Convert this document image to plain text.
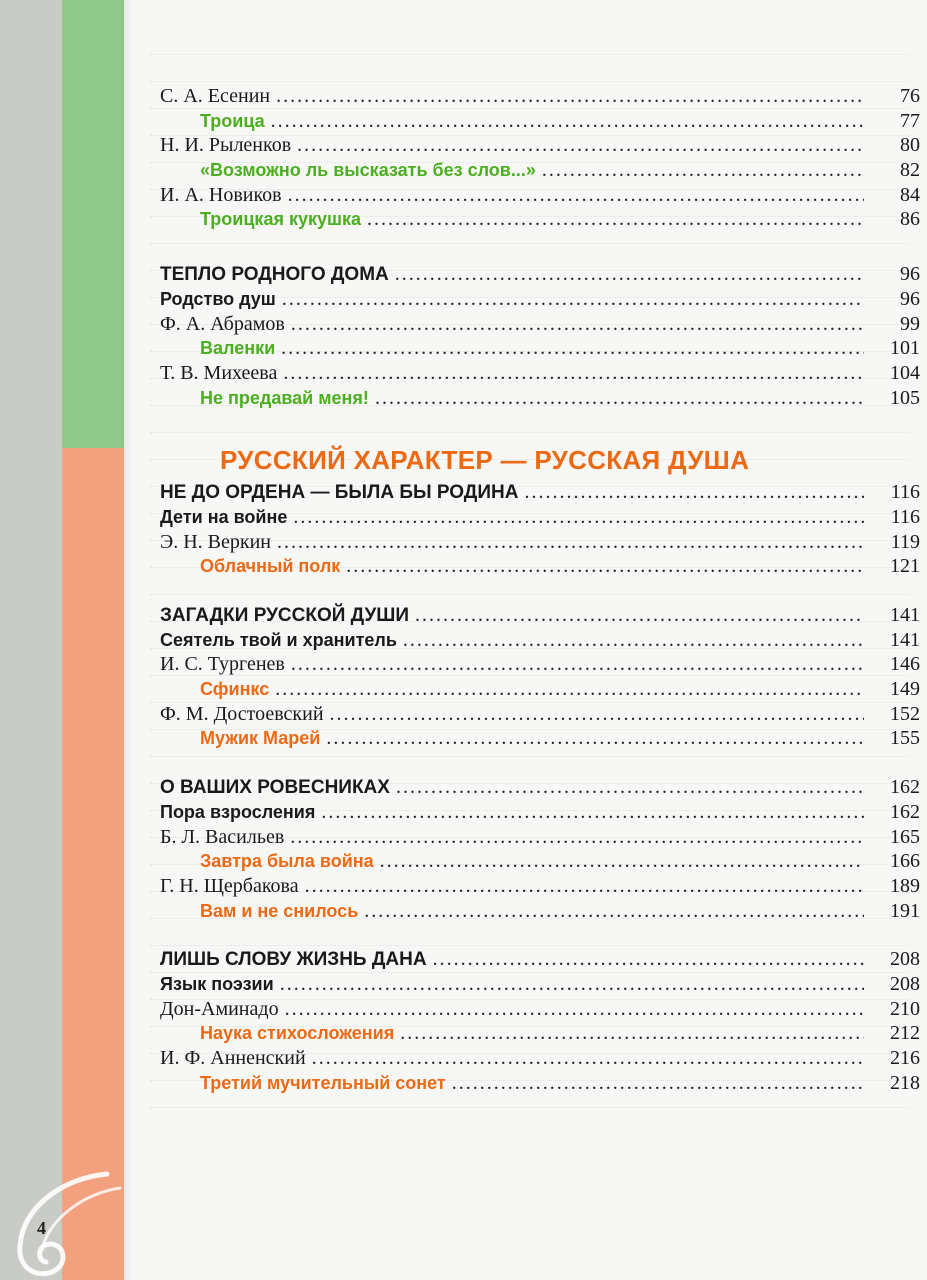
4
С. А. Есенин .....	76
Троица .....	77
Н. И. Рыленков .....	80
«Возможно ль высказать без слов...» .....	82
И. А. Новиков .....	84
Троицкая кукушка .....	86
ТЕПЛО РОДНОГО ДОМА .....	96
Родство душ .....	96
Ф. А. Абрамов .....	99
Валенки .....	101
Т. В. Михеева .....	104
Не предавай меня! .....	105
РУССКИЙ ХАРАКТЕР — РУССКАЯ ДУША
НЕ ДО ОРДЕНА — БЫЛА БЫ РОДИНА .....	116
Дети на войне .....	116
Э. Н. Веркин .....	119
Облачный полк .....	121
ЗАГАДКИ РУССКОЙ ДУШИ .....	141
Сеятель твой и хранитель .....	141
И. С. Тургенев .....	146
Сфинкс .....	149
Ф. М. Достоевский .....	152
Мужик Марей .....	155
О ВАШИХ РОВЕСНИКАХ .....	162
Пора взросления .....	162
Б. Л. Васильев .....	165
Завтра была война .....	166
Г. Н. Щербакова .....	189
Вам и не снилось .....	191
ЛИШЬ СЛОВУ ЖИЗНЬ ДАНА .....	208
Язык поэзии .....	208
Дон-Аминадо .....	210
Наука стихосложения .....	212
И. Ф. Анненский .....	216
Третий мучительный сонет .....	218
